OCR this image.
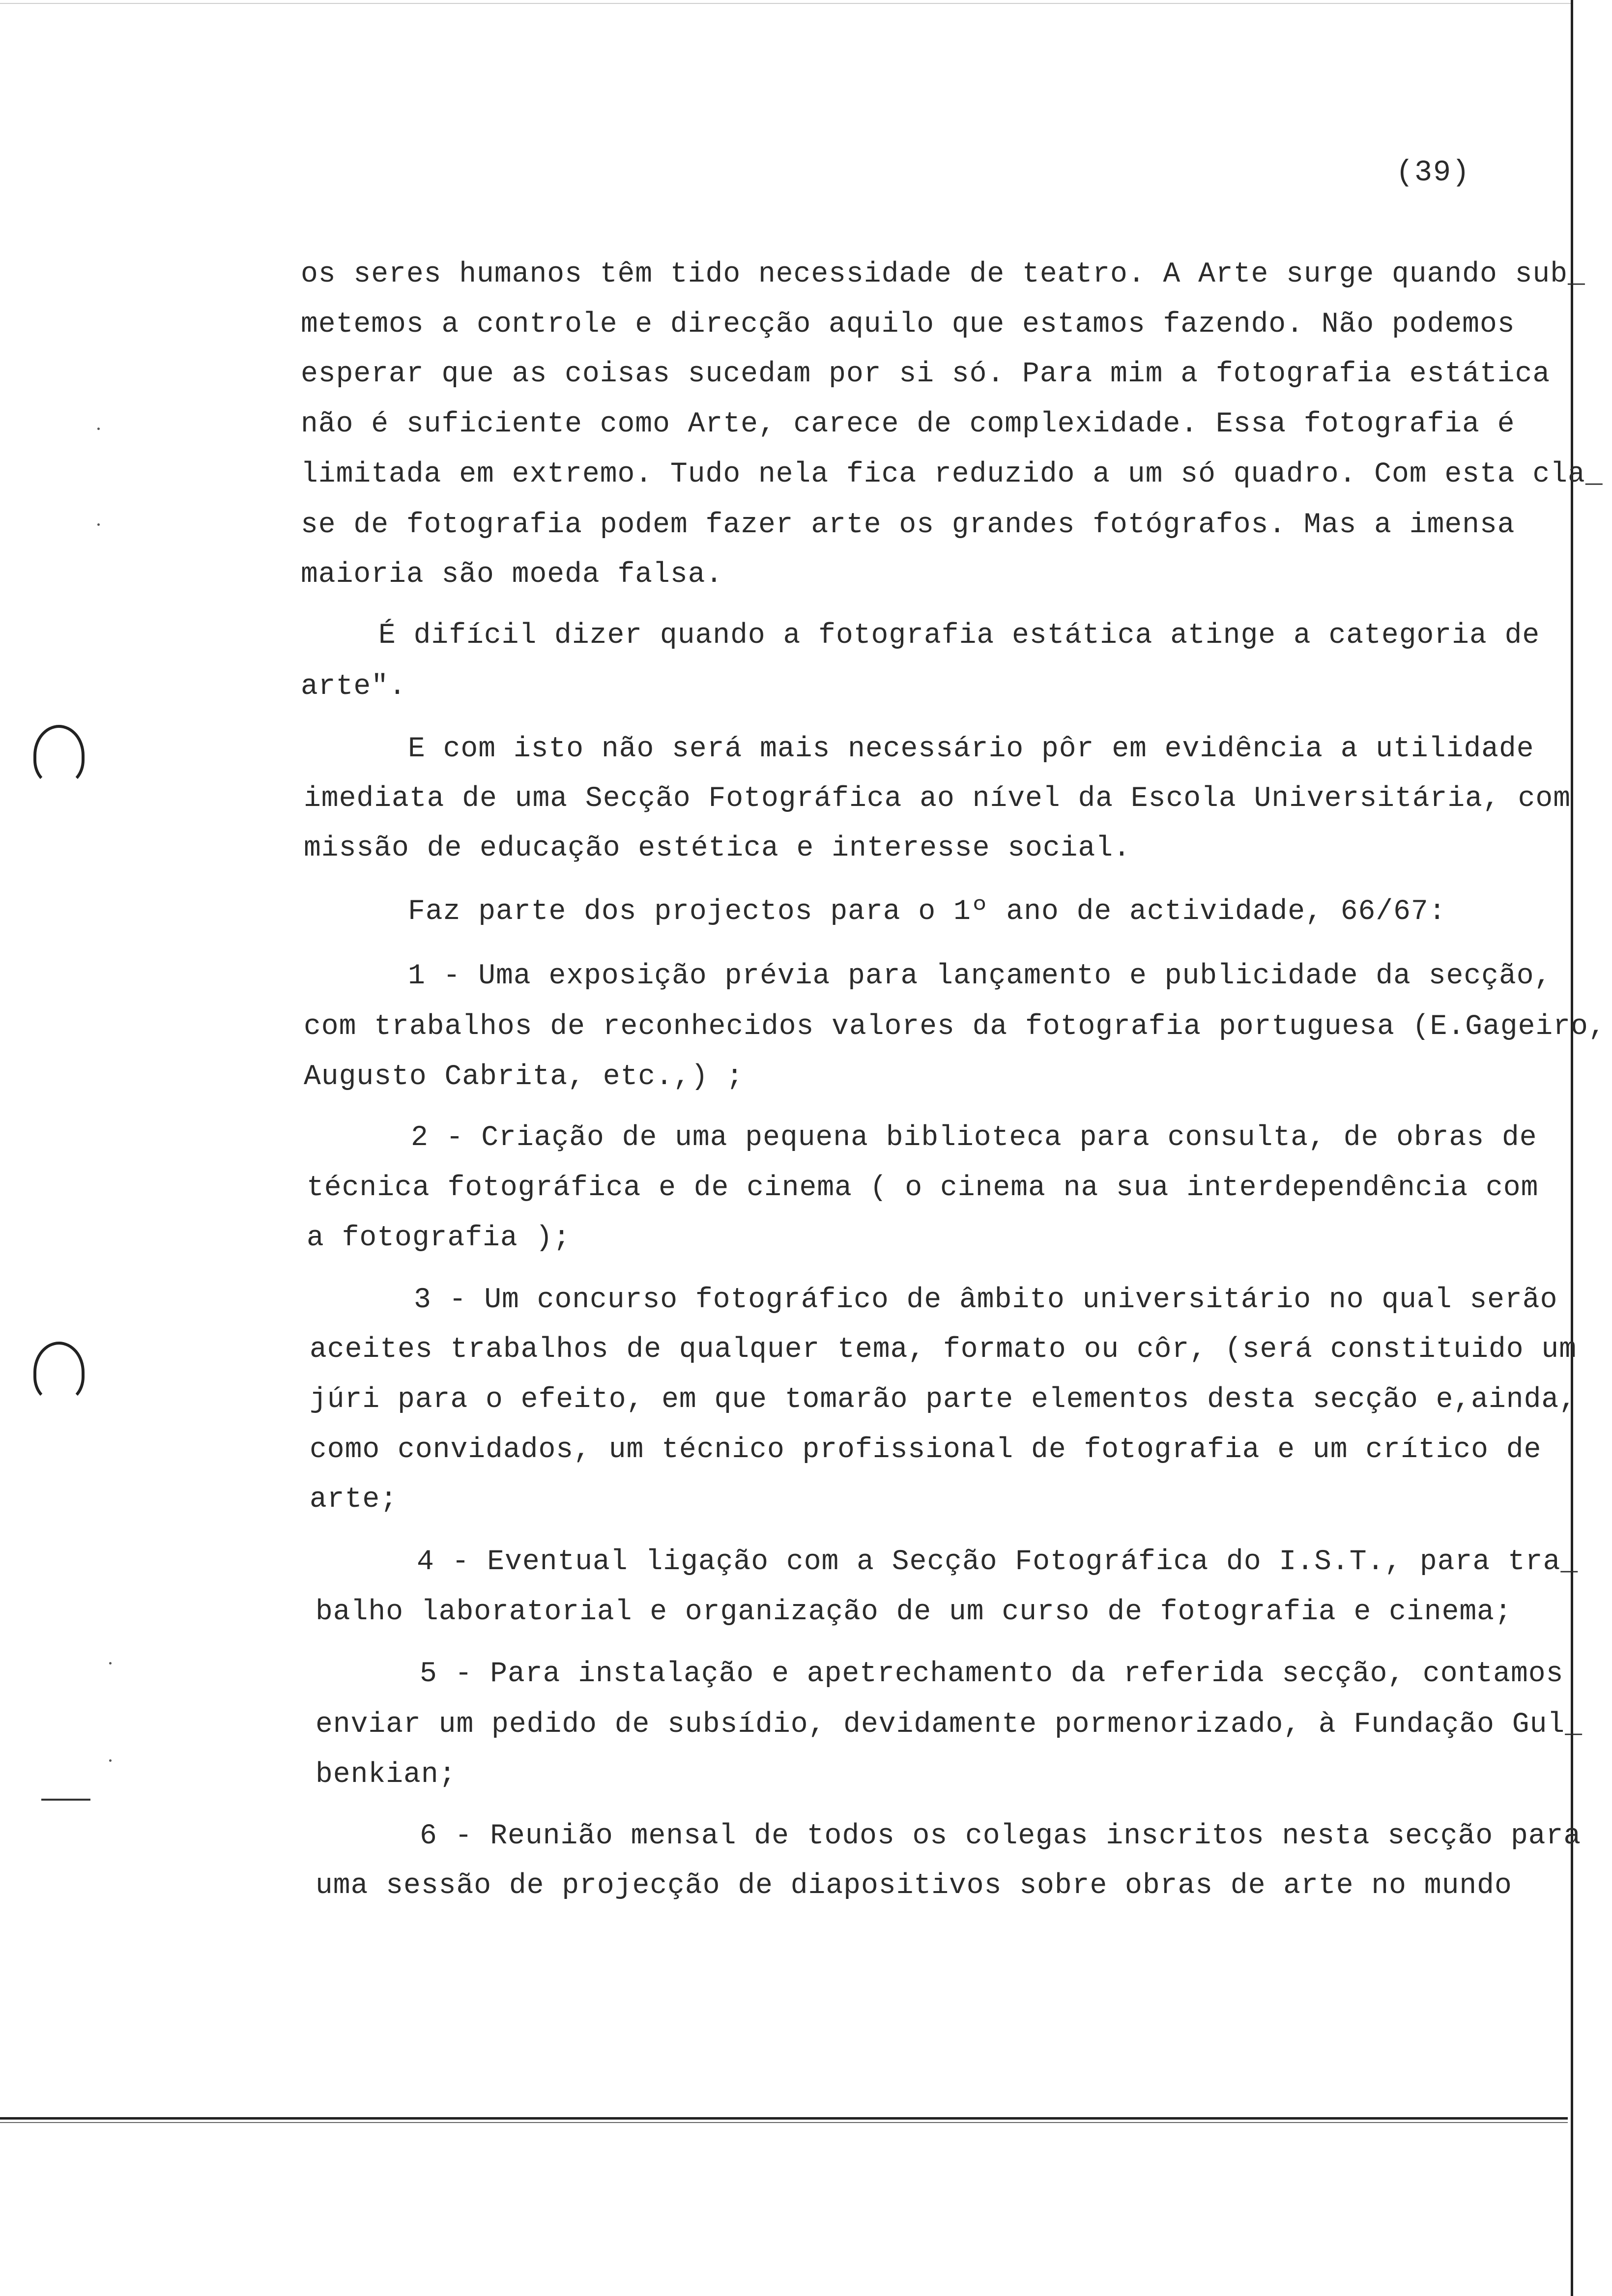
(39)
os seres humanos têm tido necessidade de teatro. A Arte surge quando sub_
metemos a controle e direcção aquilo que estamos fazendo. Não podemos
esperar que as coisas sucedam por si só. Para mim a fotografia estática
não é suficiente como Arte, carece de complexidade. Essa fotografia é
limitada em extremo. Tudo nela fica reduzido a um só quadro. Com esta cla_
se de fotografia podem fazer arte os grandes fotógrafos. Mas a imensa
maioria são moeda falsa.
É difícil dizer quando a fotografia estática atinge a categoria de
arte".
E com isto não será mais necessário pôr em evidência a utilidade
imediata de uma Secção Fotográfica ao nível da Escola Universitária, com
missão de educação estética e interesse social.
Faz parte dos projectos para o 1º ano de actividade, 66/67:
1 - Uma exposição prévia para lançamento e publicidade da secção,
com trabalhos de reconhecidos valores da fotografia portuguesa (E.Gageiro,
Augusto Cabrita, etc.,) ;
2 - Criação de uma pequena biblioteca para consulta, de obras de
técnica fotográfica e de cinema ( o cinema na sua interdependência com
a fotografia );
3 - Um concurso fotográfico de âmbito universitário no qual serão
aceites trabalhos de qualquer tema, formato ou côr, (será constituido um
júri para o efeito, em que tomarão parte elementos desta secção e,ainda,
como convidados, um técnico profissional de fotografia e um crítico de
arte;
4 - Eventual ligação com a Secção Fotográfica do I.S.T., para tra_
balho laboratorial e organização de um curso de fotografia e cinema;
5 - Para instalação e apetrechamento da referida secção, contamos
enviar um pedido de subsídio, devidamente pormenorizado, à Fundação Gul_
benkian;
6 - Reunião mensal de todos os colegas inscritos nesta secção para
uma sessão de projecção de diapositivos sobre obras de arte no mundo
